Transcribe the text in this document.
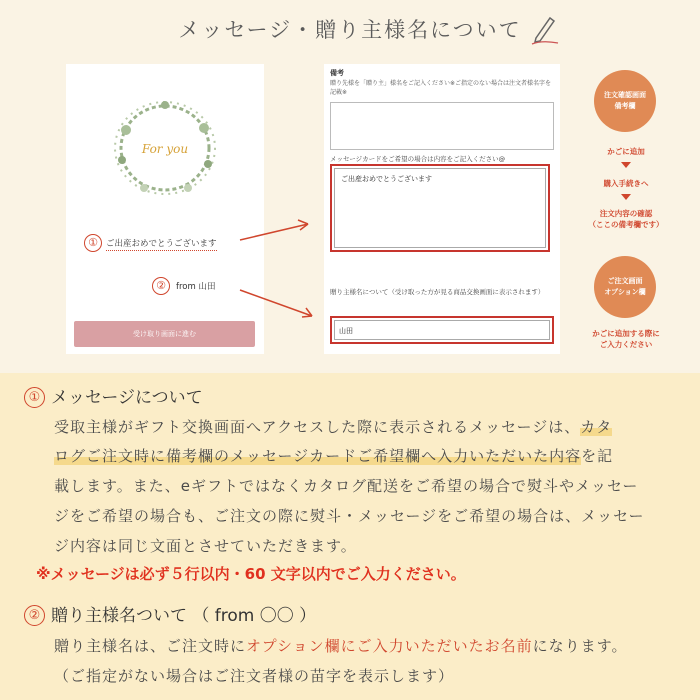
メッセージ・贈り主様名について
For you
① ご出産おめでとうございます
② from 山田
受け取り画面に進む
備考
贈り先様を「贈り主」様名をご記入ください※ご指定のない場合は注文者様名字を記載※
メッセージカードをご希望の場合は内容をご記入ください@
ご出産おめでとうございます
贈り主様名について（受け取った方が見る商品交換画面に表示されます）
山田
注文確認画面
備考欄
かごに追加
購入手続きへ
注文内容の確認
（ここの備考欄です）
ご注文画面
オプション欄
かごに追加する際に
ご入力ください
① メッセージについて
受取主様がギフト交換画面へアクセスした際に表示されるメッセージは、カタ
ログご注文時に備考欄のメッセージカードご希望欄へ入力いただいた内容を記
載します。また、eギフトではなくカタログ配送をご希望の場合で熨斗やメッセー
ジをご希望の場合も、ご注文の際に熨斗・メッセージをご希望の場合は、メッセー
ジ内容は同じ文面とさせていただきます。
※メッセージは必ず５行以内・60 文字以内でご入力ください。
② 贈り主様名ついて （ from 〇〇 ）
贈り主様名は、ご注文時にオプション欄にご入力いただいたお名前になります。
（ご指定がない場合はご注文者様の苗字を表示します）
